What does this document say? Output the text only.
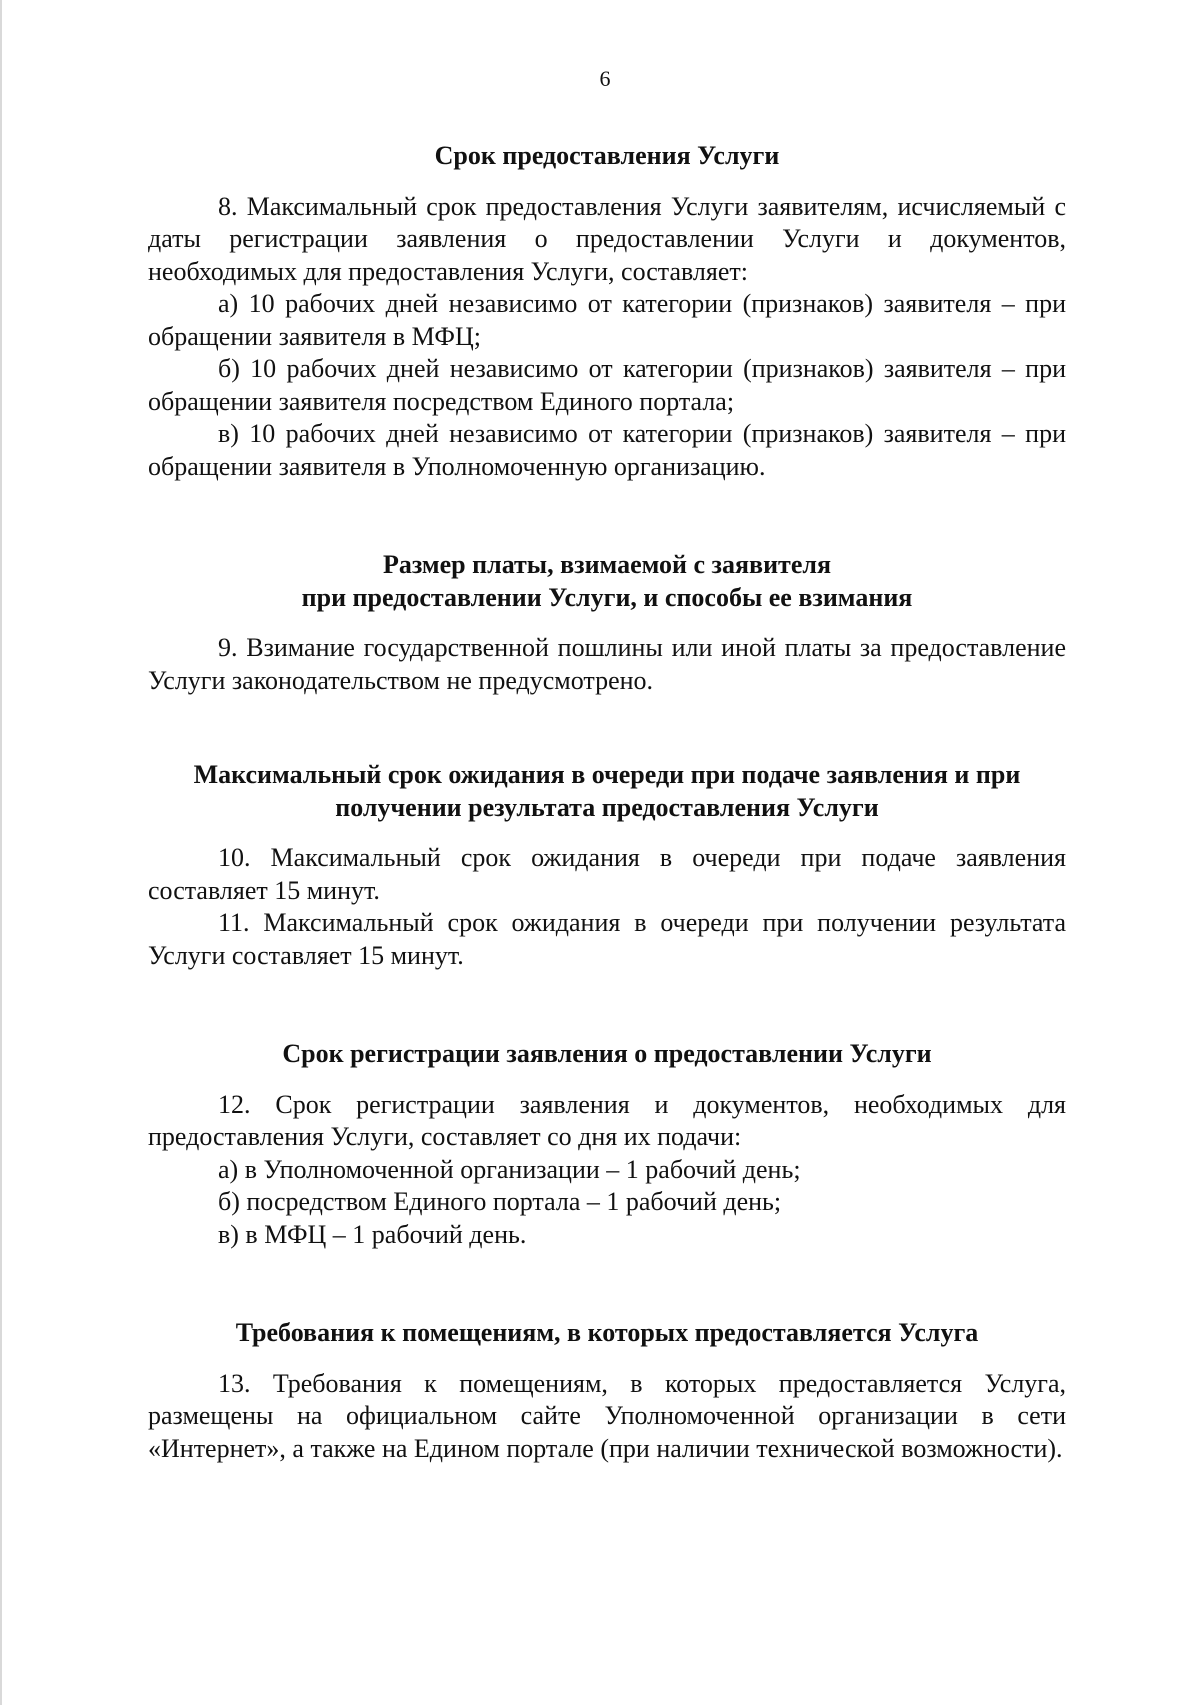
6
Срок предоставления Услуги

8. Максимальный срок предоставления Услуги заявителям, исчисляемый с даты регистрации заявления о предоставлении Услуги и документов, необходимых для предоставления Услуги, составляет:

а) 10 рабочих дней независимо от категории (признаков) заявителя – при обращении заявителя в МФЦ;

б) 10 рабочих дней независимо от категории (признаков) заявителя – при обращении заявителя посредством Единого портала;

в) 10 рабочих дней независимо от категории (признаков) заявителя – при обращении заявителя в Уполномоченную организацию.

Размер платы, взимаемой с заявителя
при предоставлении Услуги, и способы ее взимания

9. Взимание государственной пошлины или иной платы за предоставление Услуги законодательством не предусмотрено.

Максимальный срок ожидания в очереди при подаче заявления и при
получении результата предоставления Услуги

10. Максимальный срок ожидания в очереди при подаче заявления составляет 15 минут.

11. Максимальный срок ожидания в очереди при получении результата Услуги составляет 15 минут.

Срок регистрации заявления о предоставлении Услуги

12. Срок регистрации заявления и документов, необходимых для предоставления Услуги, составляет со дня их подачи:

а) в Уполномоченной организации – 1 рабочий день;

б) посредством Единого портала – 1 рабочий день;

в) в МФЦ – 1 рабочий день.

Требования к помещениям, в которых предоставляется Услуга

13. Требования к помещениям, в которых предоставляется Услуга, размещены на официальном сайте Уполномоченной организации в сети «Интернет», а также на Едином портале (при наличии технической возможности).
